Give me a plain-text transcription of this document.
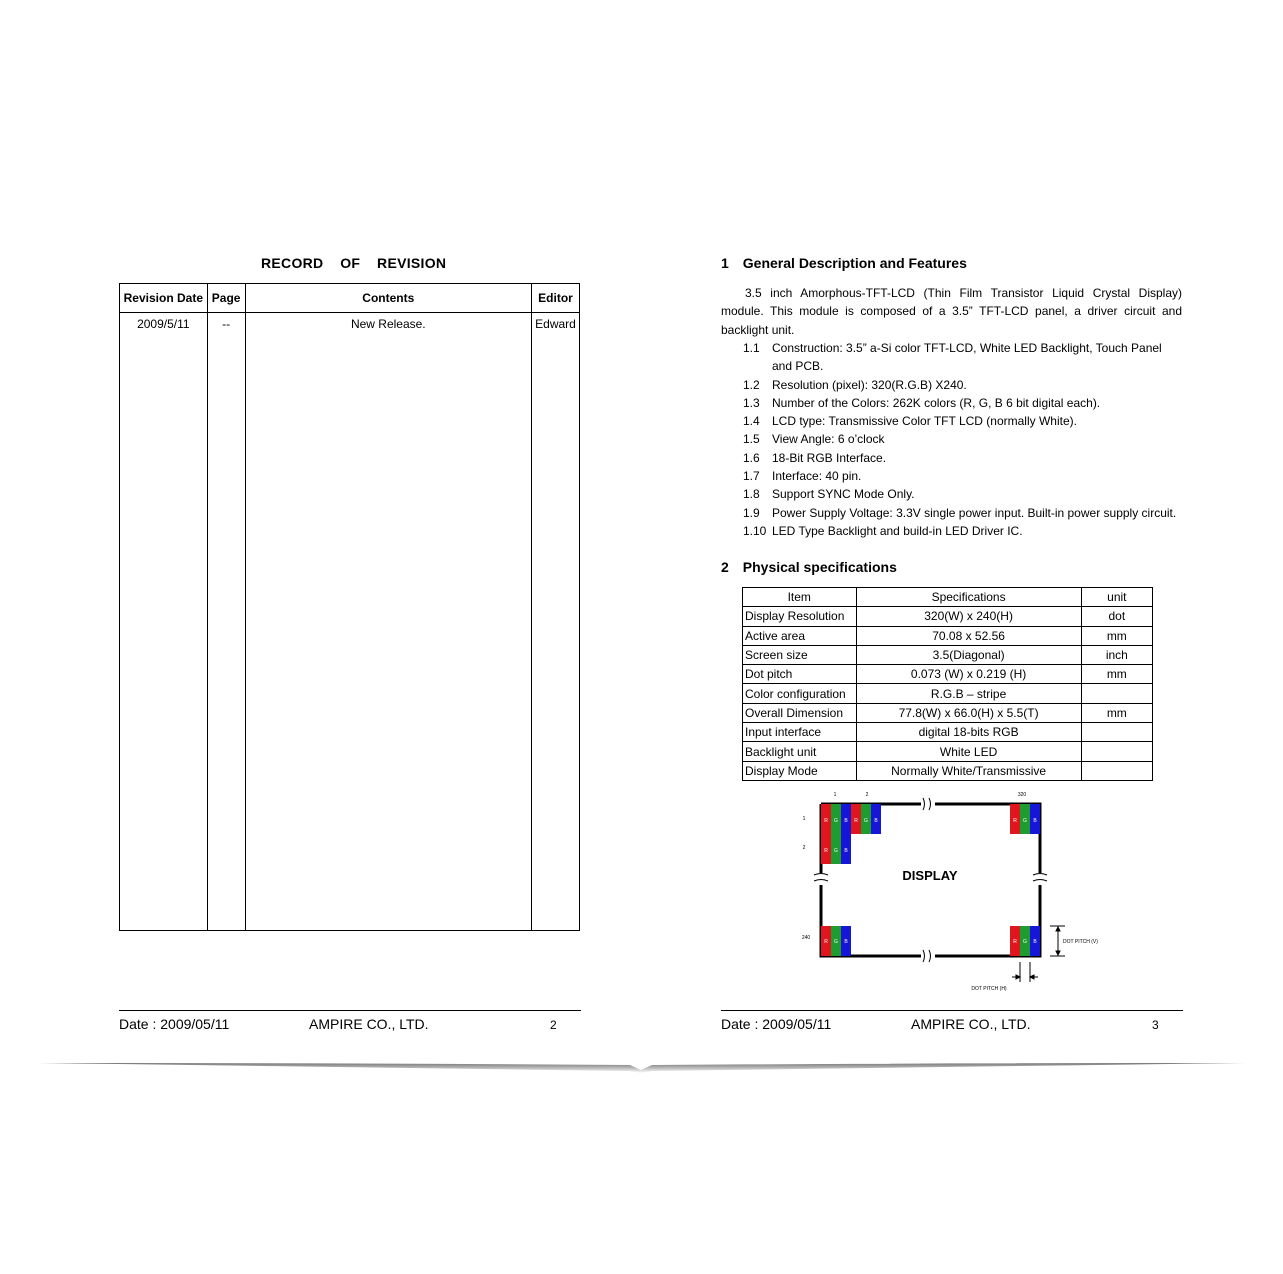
RECORD    OF    REVISION
Revision Date	Page	Contents	Editor
2009/5/11	--	New Release.	Edward

Date : 2009/05/11	AMPIRE CO., LTD.	2
1 General Description and Features
3.5 inch Amorphous-TFT-LCD (Thin Film Transistor Liquid Crystal Display) module. This module is composed of a 3.5” TFT-LCD panel, a driver circuit and backlight unit.
1.1 Construction: 3.5” a-Si color TFT-LCD, White LED Backlight, Touch Panel and PCB.
1.2 Resolution (pixel): 320(R.G.B) X240.
1.3 Number of the Colors: 262K colors (R, G, B 6 bit digital each).
1.4 LCD type: Transmissive Color TFT LCD (normally White).
1.5 View Angle: 6 o’clock
1.6 18-Bit RGB Interface.
1.7 Interface: 40 pin.
1.8 Support SYNC Mode Only.
1.9 Power Supply Voltage: 3.3V single power input. Built-in power supply circuit.
1.10 LED Type Backlight and build-in LED Driver IC.
2 Physical specifications
Item	Specifications	unit
Display Resolution	320(W) x 240(H)	dot
Active area	70.08 x 52.56	mm
Screen size	3.5(Diagonal)	inch
Dot pitch	0.073 (W) x 0.219 (H)	mm
Color configuration	R.G.B – stripe	
Overall Dimension	77.8(W) x 66.0(H) x 5.5(T)	mm
Input interface	digital 18-bits RGB	
Backlight unit	White LED	
Display Mode	Normally White/Transmissive	
1	2	320
1
2
240
R G B R G B
R G B
R G B
R G B	R G B
DISPLAY
DOT PITCH (V)
DOT PITCH (H)
Date : 2009/05/11	AMPIRE CO., LTD.	3
